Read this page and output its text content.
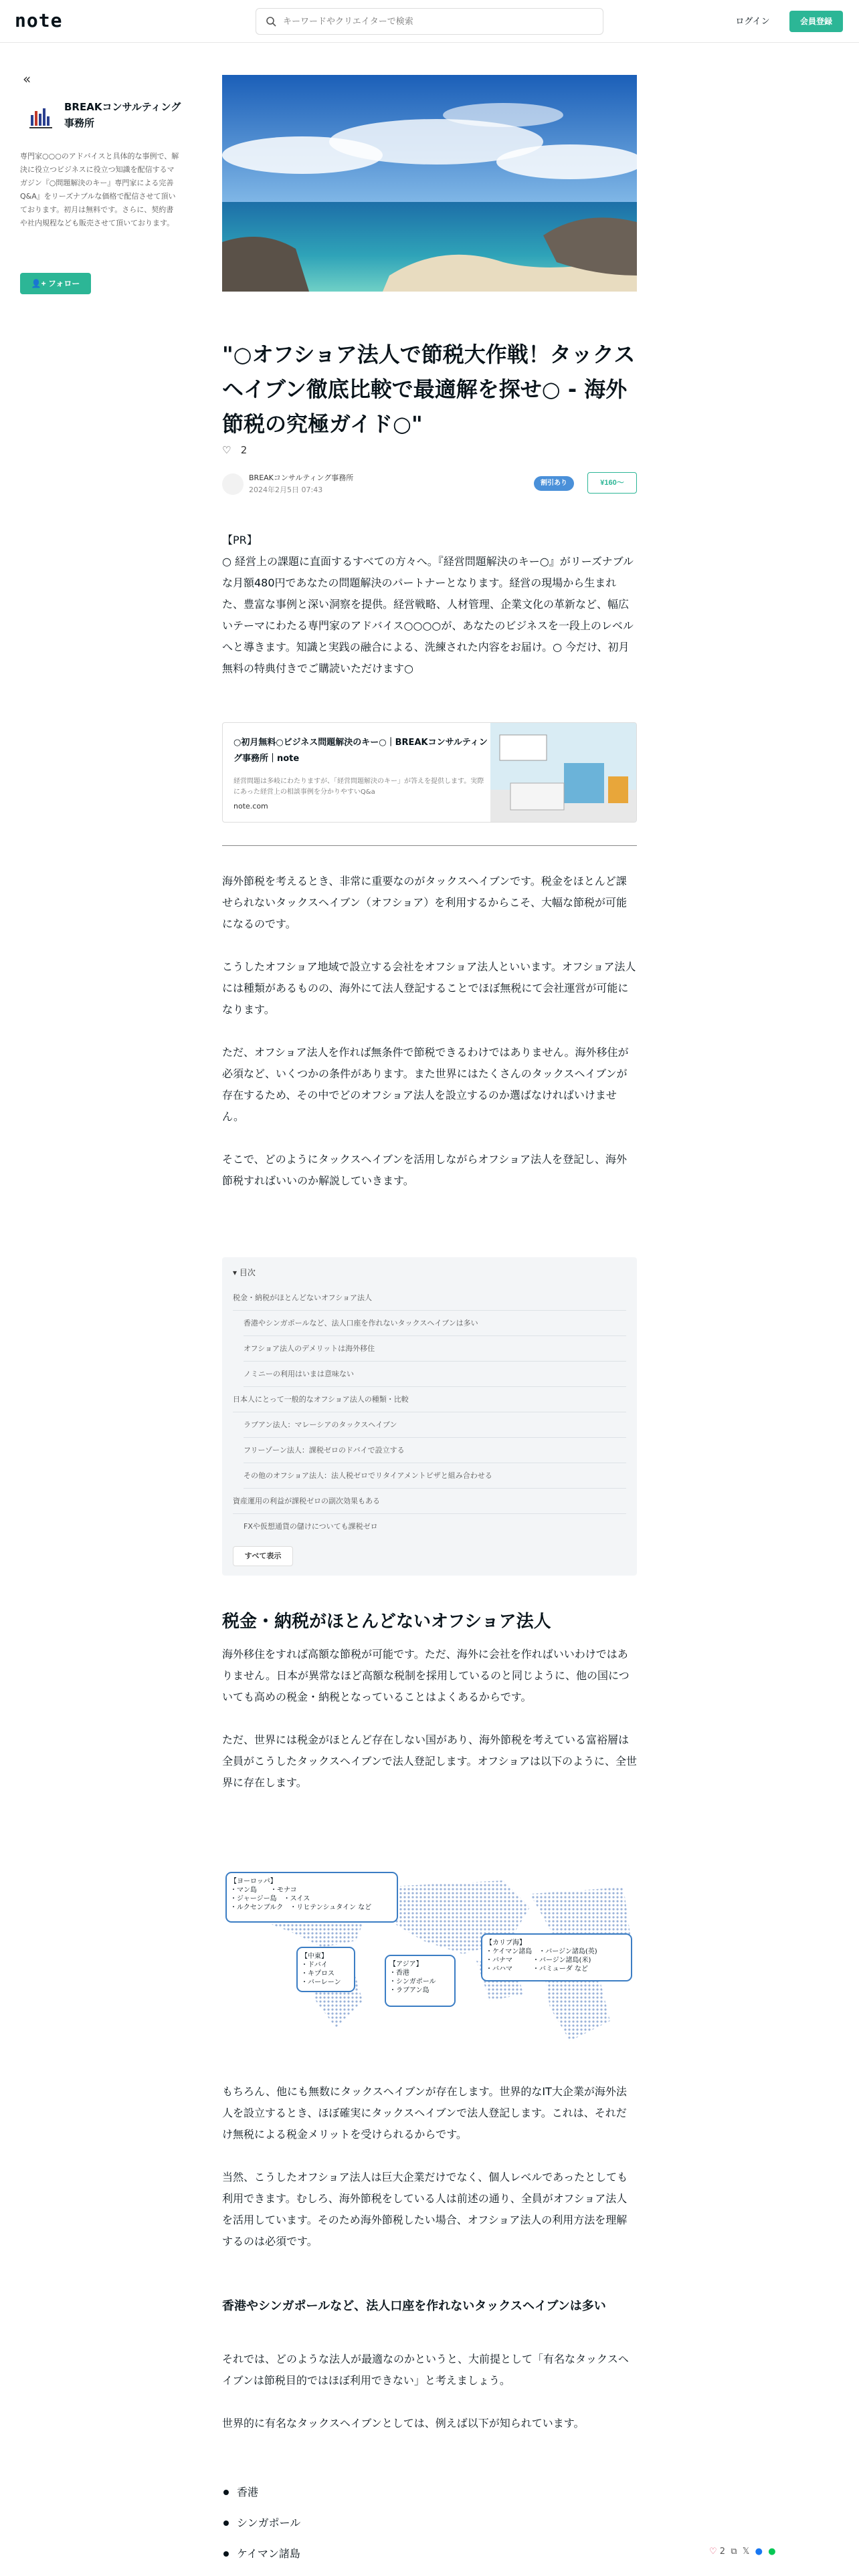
note
キーワードやクリエイターで検索	ログイン	会員登録
«
BREAKコンサルティング事務所
専門家○○○のアドバイスと具体的な事例で、解決に役立つビジネスに役立つ知識を配信するマガジン『○問題解決のキー』専門家による完善Q&A』をリーズナブルな価格で配信させて頂いております。初月は無料です。さらに、契約書や社内規程なども販売させて頂いております。
👤+ フォロー
"○オフショア法人で節税大作戦！タックスヘイブン徹底比較で最適解を探せ○ - 海外節税の究極ガイド○"
♡ 2
BREAKコンサルティング事務所
2024年2月5日 07:43
割引あり	¥160〜

【PR】

○ 経営上の課題に直面するすべての方々へ。『経営問題解決のキー○』がリーズナブルな月額480円であなたの問題解決のパートナーとなります。経営の現場から生まれた、豊富な事例と深い洞察を提供。経営戦略、人材管理、企業文化の革新など、幅広いテーマにわたる専門家のアドバイス○○○○が、あなたのビジネスを一段上のレベルへと導きます。知識と実践の融合による、洗練された内容をお届け。○ 今だけ、初月無料の特典付きでご購読いただけます○

○初月無料○ビジネス問題解決のキー○｜BREAKコンサルティング事務所｜note
経営問題は多岐にわたりますが、「経営問題解決のキー」が答えを提供します。実際にあった経営上の相談事例を分かりやすいQ&a
note.com

海外節税を考えるとき、非常に重要なのがタックスヘイブンです。税金をほとんど課せられないタックスヘイブン（オフショア）を利用するからこそ、大幅な節税が可能になるのです。

こうしたオフショア地域で設立する会社をオフショア法人といいます。オフショア法人には種類があるものの、海外にて法人登記することでほぼ無税にて会社運営が可能になります。

ただ、オフショア法人を作れば無条件で節税できるわけではありません。海外移住が必須など、いくつかの条件があります。また世界にはたくさんのタックスヘイブンが存在するため、その中でどのオフショア法人を設立するのか選ばなければいけません。

そこで、どのようにタックスヘイブンを活用しながらオフショア法人を登記し、海外節税すればいいのか解説していきます。

▾ 目次
税金・納税がほとんどないオフショア法人
香港やシンガポールなど、法人口座を作れないタックスヘイブンは多い
オフショア法人のデメリットは海外移住
ノミニーの利用はいまは意味ない
日本人にとって一般的なオフショア法人の種類・比較
ラブアン法人：マレーシアのタックスヘイブン
フリーゾーン法人：課税ゼロのドバイで設立する
その他のオフショア法人：法人税ゼロでリタイアメントビザと組み合わせる
資産運用の利益が課税ゼロの副次効果もある
FXや仮想通貨の儲けについても課税ゼロ
すべて表示
税金・納税がほとんどないオフショア法人

海外移住をすれば高額な節税が可能です。ただ、海外に会社を作ればいいわけではありません。日本が異常なほど高額な税制を採用しているのと同じように、他の国についても高めの税金・納税となっていることはよくあるからです。

ただ、世界には税金がほとんど存在しない国があり、海外節税を考えている富裕層は全員がこうしたタックスヘイブンで法人登記します。オフショアは以下のように、全世界に存在します。

【ヨーロッパ】・マン島　　・モナコ・ジャージー島　・スイス・ルクセンブルク　・リヒテンシュタイン など
【中東】・ドバイ・キプロス・バーレーン
【アジア】・香港・シンガポール・ラブアン島
【カリブ海】・ケイマン諸島　・バージン諸島(英)・バナマ　　　・バージン諸島(米)・バハマ　　　・バミューダ など

もちろん、他にも無数にタックスヘイブンが存在します。世界的なIT大企業が海外法人を設立するとき、ほぼ確実にタックスヘイブンで法人登記します。これは、それだけ無税による税金メリットを受けられるからです。

当然、こうしたオフショア法人は巨大企業だけでなく、個人レベルであったとしても利用できます。むしろ、海外節税をしている人は前述の通り、全員がオフショア法人を活用しています。そのため海外節税したい場合、オフショア法人の利用方法を理解するのは必須です。

香港やシンガポールなど、法人口座を作れないタックスヘイブンは多い

それでは、どのような法人が最適なのかというと、大前提として「有名なタックスヘイブンは節税目的ではほぼ利用できない」と考えましょう。

世界的に有名なタックスヘイブンとしては、例えば以下が知られています。

香港
シンガポール
ケイマン諸島	♡ 2 ⧉ 𝕏 ● ●
